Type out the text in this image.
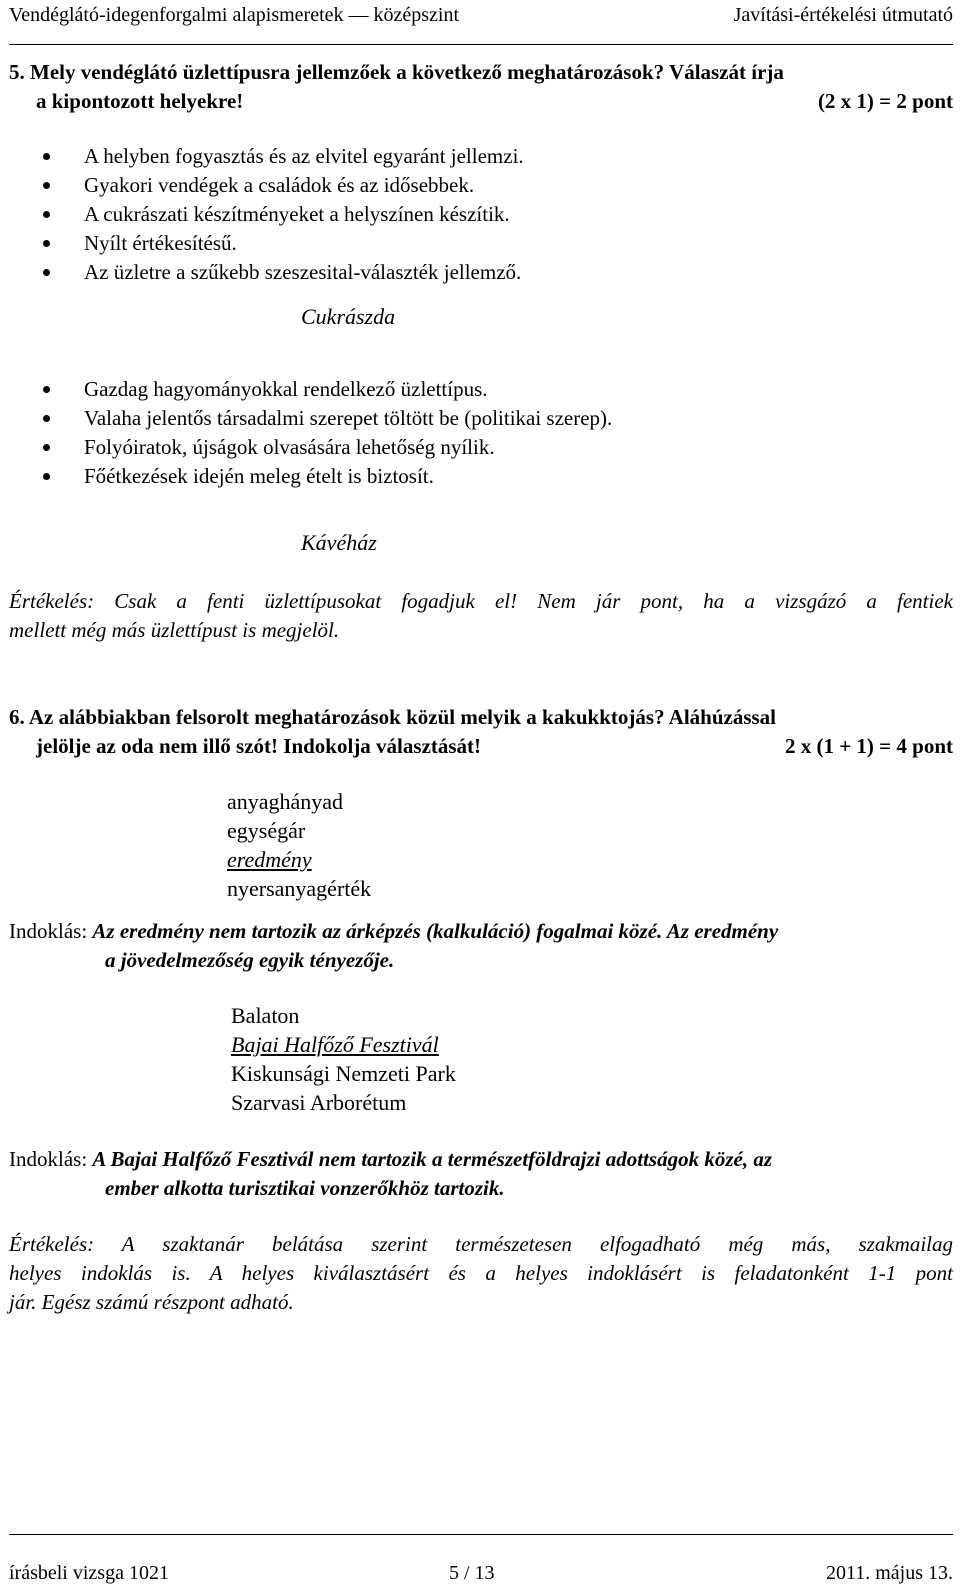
Vendéglátó-idegenforgalmi alapismeretek — középszint	Javítási-értékelési útmutató
5. Mely vendéglátó üzlettípusra jellemzőek a következő meghatározások? Válaszát írja
a kipontozott helyekre!	(2 x 1) = 2 pont
A helyben fogyasztás és az elvitel egyaránt jellemzi.
Gyakori vendégek a családok és az idősebbek.
A cukrászati készítményeket a helyszínen készítik.
Nyílt értékesítésű.
Az üzletre a szűkebb szeszesital-választék jellemző.
Cukrászda
Gazdag hagyományokkal rendelkező üzlettípus.
Valaha jelentős társadalmi szerepet töltött be (politikai szerep).
Folyóiratok, újságok olvasására lehetőség nyílik.
Főétkezések idején meleg ételt is biztosít.
Kávéház
Értékelés: Csak a fenti üzlettípusokat fogadjuk el! Nem jár pont, ha a vizsgázó a fentiek
mellett még más üzlettípust is megjelöl.
6. Az alábbiakban felsorolt meghatározások közül melyik a kakukktojás? Aláhúzással
jelölje az oda nem illő szót! Indokolja választását!	2 x (1 + 1) = 4 pont
anyaghányad
egységár
eredmény
nyersanyagérték
Indoklás: Az eredmény nem tartozik az árképzés (kalkuláció) fogalmai közé. Az eredmény
a jövedelmezőség egyik tényezője.
Balaton
Bajai Halfőző Fesztivál
Kiskunsági Nemzeti Park
Szarvasi Arborétum
Indoklás: A Bajai Halfőző Fesztivál nem tartozik a természetföldrajzi adottságok közé, az
ember alkotta turisztikai vonzerőkhöz tartozik.
Értékelés: A szaktanár belátása szerint természetesen elfogadható még más, szakmailag
helyes indoklás is. A helyes kiválasztásért és a helyes indoklásért is feladatonként 1-1 pont
jár. Egész számú részpont adható.
írásbeli vizsga 1021	5 / 13	2011. május 13.
